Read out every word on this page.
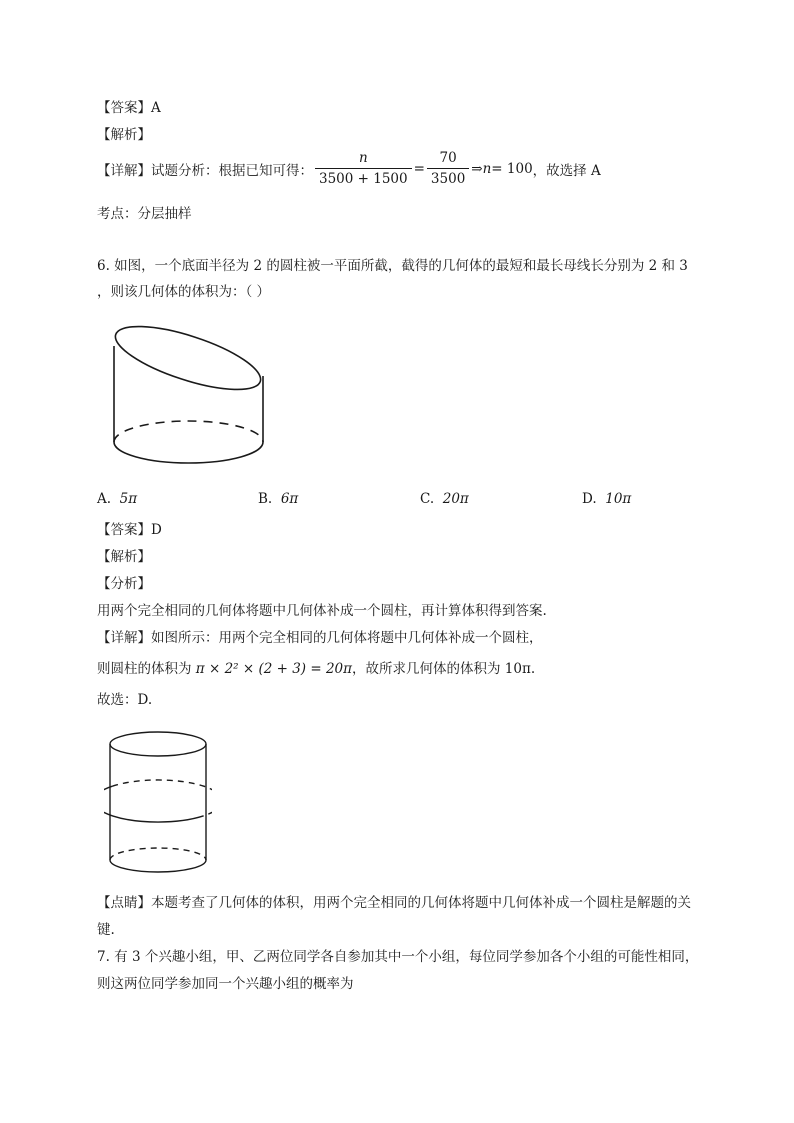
【答案】A
【解析】
【详解】 试题分析：根据已知可得： $\frac{n}{3500 + 1500} = \frac{70}{3500}$ ⇒ n = 100 ，故选择 A
考点：分层抽样
6. 如图，一个底面半径为 2 的圆柱被一平面所截，截得的几何体的最短和最长母线长分别为 2 和 3
，则该几何体的体积为：（ ）
A. 5π	B. 6π	C. 20π	D. 10π
【答案】D
【解析】
【分析】
用两个完全相同的几何体将题中几何体补成一个圆柱，再计算体积得到答案.
【详解】如图所示：用两个完全相同的几何体将题中几何体补成一个圆柱，
则圆柱的体积为 π × 2² × (2 + 3) = 20π，故所求几何体的体积为 10π.
故选：D.
【点睛】本题考查了几何体的体积，用两个完全相同的几何体将题中几何体补成一个圆柱是解题的关键.
7. 有 3 个兴趣小组，甲、乙两位同学各自参加其中一个小组，每位同学参加各个小组的可能性相同，则这两位同学参加同一个兴趣小组的概率为
